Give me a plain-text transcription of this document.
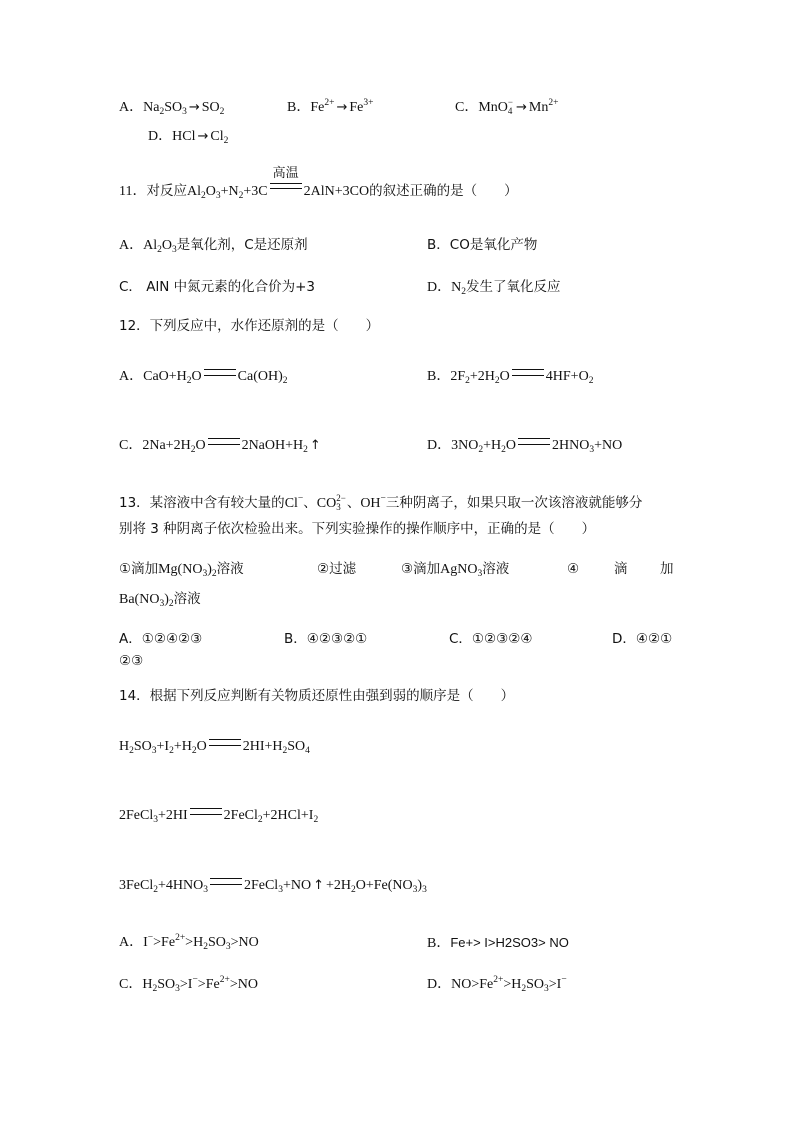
A．$Na_2SO_3 \to SO_2$	B．$Fe^{2+} \to Fe^{3+}$	C．MnO −
$4 \to Mn^{2+}$
D．HCl → $Cl_2$
11．对反应$Al_2O_3+N_2+3C$
高温
2AlN+3CO的叙述正确的是（　　）
A．$Al_2O_3$是氧化剂，C是还原剂	B．CO是氧化产物
C． AlN 中氮元素的化合价为+3	D．$N_2$发生了氧化反应
12．下列反应中，水作还原剂的是（　　）
A．$CaO+H_2O$	$Ca(OH)_2$	B．$2F_2+2H_2O$	$4HF+O_2$
C．$2Na+2H_2O$	$2NaOH+H_2$ ↑	D．$3NO_2+H_2O$	$2HNO_3+NO$
13．某溶液中含有较大量的Cl−、CO 2−
3 、OH−三种阴离子，如果只取一次该溶液就能够分
别将 3 种阴离子依次检验出来。下列实验操作的操作顺序中，正确的是（　　）
①滴加$Mg(NO_3)_2$溶液	②过滤	③滴加AgNO$_3$溶液	④	滴 加
$Ba(NO_3)_2$溶液
A．①②④②③	B．④②③②①	C．①②③②④	D．④②①
②③
14．根据下列反应判断有关物质还原性由强到弱的顺序是（　　）
$H_2SO_3+I_2+H_2O$	$2HI+H_2SO_4$
2FeCl$_3$+2HI	$2FeCl_2+2HCl+I_2$
$3FeCl_2+4HNO_3$	2FeCl$_3$+NO ↑ $+2H_2O+Fe(NO_3)_3$
A．$I^->Fe^{2+}>H_2SO_3>NO$	B．Fe+> I>H2SO3> NO
C．$H_2SO_3>I^->Fe^{2+}>NO$	D．$NO>Fe^{2+}>H_2SO_3>I^-$
